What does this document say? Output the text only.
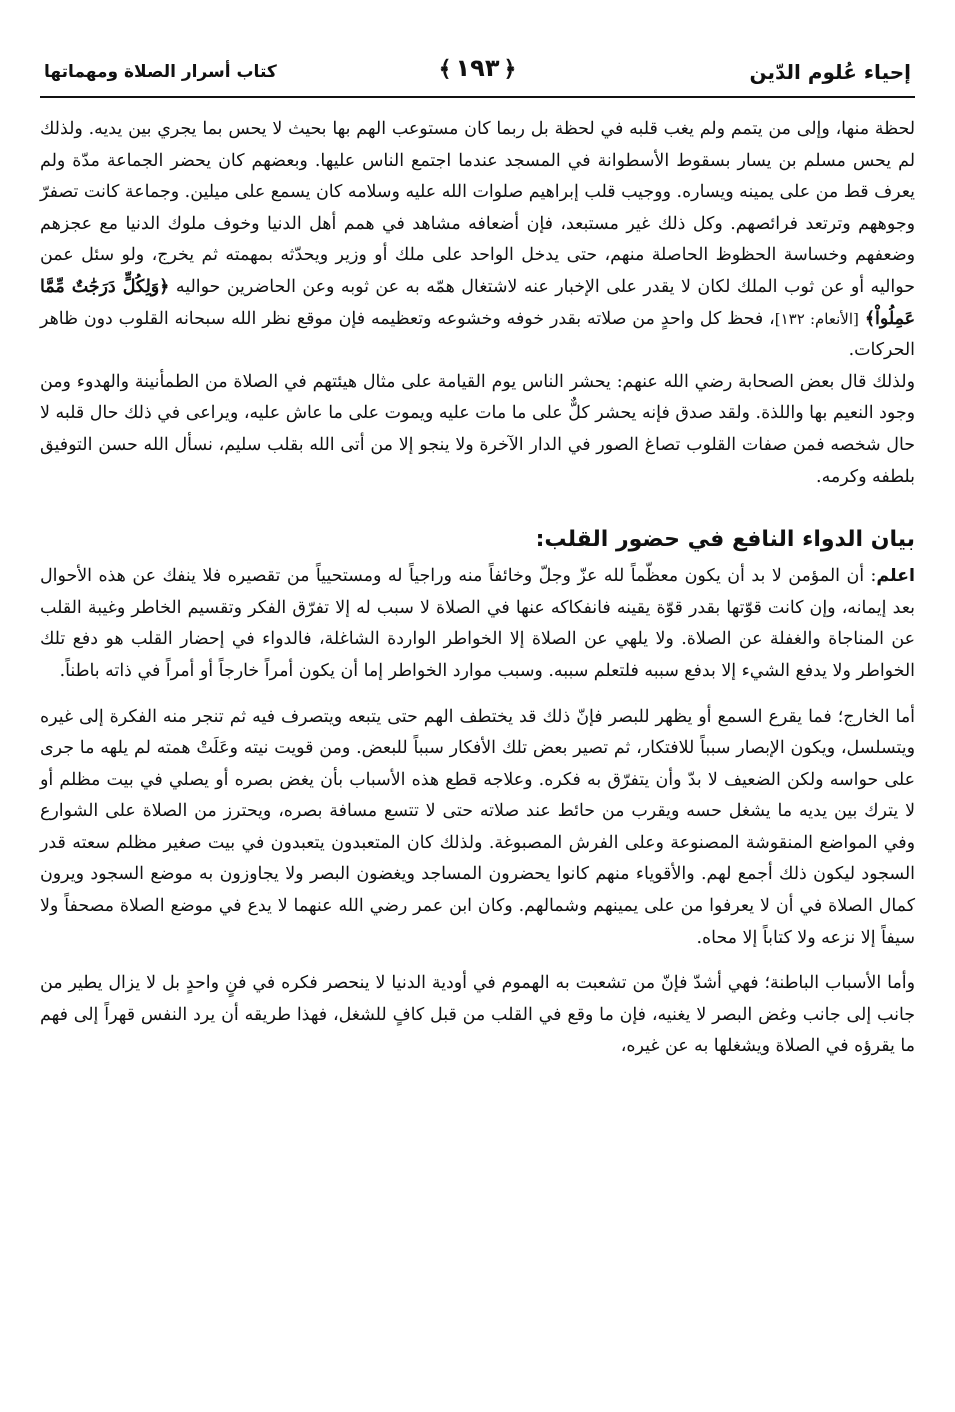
إحياء عُلوم الدّين
﴿١٩٣﴾
كتاب أسرار الصلاة ومهماتها

لحظة منها، وإلى من يتمم ولم يغب قلبه في لحظة بل ربما كان مستوعب الهم بها بحيث لا يحس بما يجري بين يديه. ولذلك لم يحس مسلم بن يسار بسقوط الأسطوانة في المسجد عندما اجتمع الناس عليها. وبعضهم كان يحضر الجماعة مدّة ولم يعرف قط من على يمينه ويساره. ووجيب قلب إبراهيم صلوات الله عليه وسلامه كان يسمع على ميلين. وجماعة كانت تصفرّ وجوههم وترتعد فرائصهم. وكل ذلك غير مستبعد، فإن أضعافه مشاهد في همم أهل الدنيا وخوف ملوك الدنيا مع عجزهم وضعفهم وخساسة الحظوظ الحاصلة منهم، حتى يدخل الواحد على ملك أو وزير ويحدّثه بمهمته ثم يخرج، ولو سئل عمن حواليه أو عن ثوب الملك لكان لا يقدر على الإخبار عنه لاشتغال همّه به عن ثوبه وعن الحاضرين حواليه ﴿وَلِكُلٍّ دَرَجَٰتٌ مِّمَّا عَمِلُواْ﴾ [الأنعام: ١٣٢]، فحظ كل واحدٍ من صلاته بقدر خوفه وخشوعه وتعظيمه فإن موقع نظر الله سبحانه القلوب دون ظاهر الحركات.

ولذلك قال بعض الصحابة رضي الله عنهم: يحشر الناس يوم القيامة على مثال هيئتهم في الصلاة من الطمأنينة والهدوء ومن وجود النعيم بها واللذة. ولقد صدق فإنه يحشر كلٌّ على ما مات عليه ويموت على ما عاش عليه، ويراعى في ذلك حال قلبه لا حال شخصه فمن صفات القلوب تصاغ الصور في الدار الآخرة ولا ينجو إلا من أتى الله بقلب سليم، نسأل الله حسن التوفيق بلطفه وكرمه.

بيان الدواء النافع في حضور القلب:

اعلم: أن المؤمن لا بد أن يكون معظّماً لله عزّ وجلّ وخائفاً منه وراجياً له ومستحيياً من تقصيره فلا ينفك عن هذه الأحوال بعد إيمانه، وإن كانت قوّتها بقدر قوّة يقينه فانفكاكه عنها في الصلاة لا سبب له إلا تفرّق الفكر وتقسيم الخاطر وغيبة القلب عن المناجاة والغفلة عن الصلاة. ولا يلهي عن الصلاة إلا الخواطر الواردة الشاغلة، فالدواء في إحضار القلب هو دفع تلك الخواطر ولا يدفع الشيء إلا بدفع سببه فلتعلم سببه. وسبب موارد الخواطر إما أن يكون أمراً خارجاً أو أمراً في ذاته باطناً.

أما الخارج؛ فما يقرع السمع أو يظهر للبصر فإنّ ذلك قد يختطف الهم حتى يتبعه ويتصرف فيه ثم تنجر منه الفكرة إلى غيره ويتسلسل، ويكون الإبصار سبباً للافتكار، ثم تصير بعض تلك الأفكار سبباً للبعض. ومن قويت نيته وعَلَتْ همته لم يلهه ما جرى على حواسه ولكن الضعيف لا بدّ وأن يتفرّق به فكره. وعلاجه قطع هذه الأسباب بأن يغض بصره أو يصلي في بيت مظلم أو لا يترك بين يديه ما يشغل حسه ويقرب من حائط عند صلاته حتى لا تتسع مسافة بصره، ويحترز من الصلاة على الشوارع وفي المواضع المنقوشة المصنوعة وعلى الفرش المصبوغة. ولذلك كان المتعبدون يتعبدون في بيت صغير مظلم سعته قدر السجود ليكون ذلك أجمع لهم. والأقوياء منهم كانوا يحضرون المساجد ويغضون البصر ولا يجاوزون به موضع السجود ويرون كمال الصلاة في أن لا يعرفوا من على يمينهم وشمالهم. وكان ابن عمر رضي الله عنهما لا يدع في موضع الصلاة مصحفاً ولا سيفاً إلا نزعه ولا كتاباً إلا محاه.

وأما الأسباب الباطنة؛ فهي أشدّ فإنّ من تشعبت به الهموم في أودية الدنيا لا ينحصر فكره في فنٍ واحدٍ بل لا يزال يطير من جانب إلى جانب وغض البصر لا يغنيه، فإن ما وقع في القلب من قبل كافٍ للشغل، فهذا طريقه أن يرد النفس قهراً إلى فهم ما يقرؤه في الصلاة ويشغلها به عن غيره،
